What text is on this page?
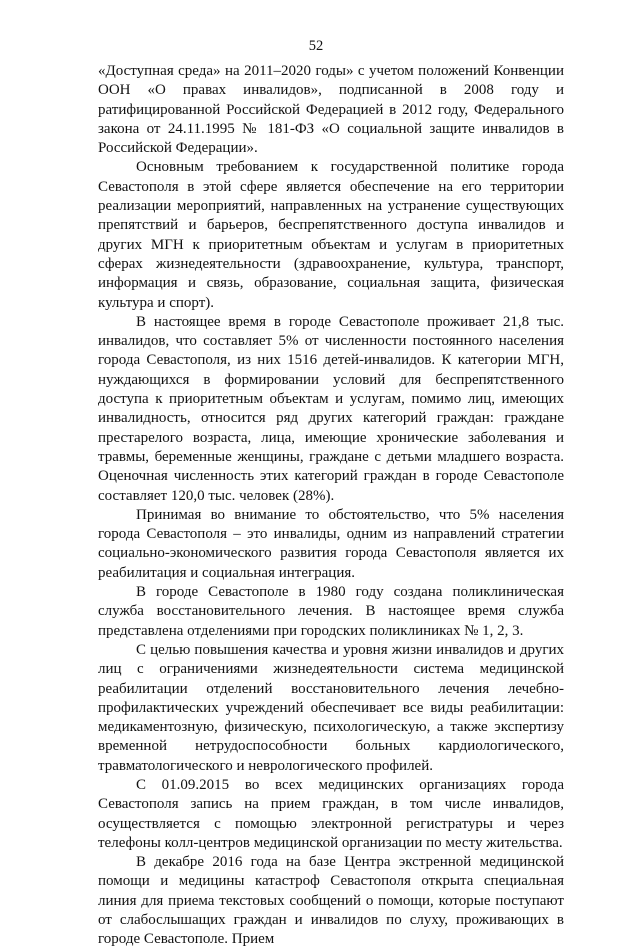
52

«Доступная среда» на 2011–2020 годы» с учетом положений Конвенции ООН «О правах инвалидов», подписанной в 2008 году и ратифицированной Российской Федерацией в 2012 году, Федерального закона от 24.11.1995 № 181-ФЗ «О социальной защите инвалидов в Российской Федерации».

Основным требованием к государственной политике города Севастополя в этой сфере является обеспечение на его территории реализации мероприятий, направленных на устранение существующих препятствий и барьеров, беспрепятственного доступа инвалидов и других МГН к приоритетным объектам и услугам в приоритетных сферах жизнедеятельности (здравоохранение, культура, транспорт, информация и связь, образование, социальная защита, физическая культура и спорт).

В настоящее время в городе Севастополе проживает 21,8 тыс. инвалидов, что составляет 5% от численности постоянного населения города Севастополя, из них 1516 детей-инвалидов. К категории МГН, нуждающихся в формировании условий для беспрепятственного доступа к приоритетным объектам и услугам, помимо лиц, имеющих инвалидность, относится ряд других категорий граждан: граждане престарелого возраста, лица, имеющие хронические заболевания и травмы, беременные женщины, граждане с детьми младшего возраста. Оценочная численность этих категорий граждан в городе Севастополе составляет 120,0 тыс. человек (28%).

Принимая во внимание то обстоятельство, что 5% населения города Севастополя – это инвалиды, одним из направлений стратегии социально-экономического развития города Севастополя является их реабилитация и социальная интеграция.

В городе Севастополе в 1980 году создана поликлиническая служба восстановительного лечения. В настоящее время служба представлена отделениями при городских поликлиниках № 1, 2, 3.

С целью повышения качества и уровня жизни инвалидов и других лиц с ограничениями жизнедеятельности система медицинской реабилитации отделений восстановительного лечения лечебно-профилактических учреждений обеспечивает все виды реабилитации: медикаментозную, физическую, психологическую, а также экспертизу временной нетрудоспособности больных кардиологического, травматологического и неврологического профилей.

С 01.09.2015 во всех медицинских организациях города Севастополя запись на прием граждан, в том числе инвалидов, осуществляется с помощью электронной регистратуры и через телефоны колл-центров медицинской организации по месту жительства.

В декабре 2016 года на базе Центра экстренной медицинской помощи и медицины катастроф Севастополя открыта специальная линия для приема текстовых сообщений о помощи, которые поступают от слабослышащих граждан и инвалидов по слуху, проживающих в городе Севастополе. Прием
